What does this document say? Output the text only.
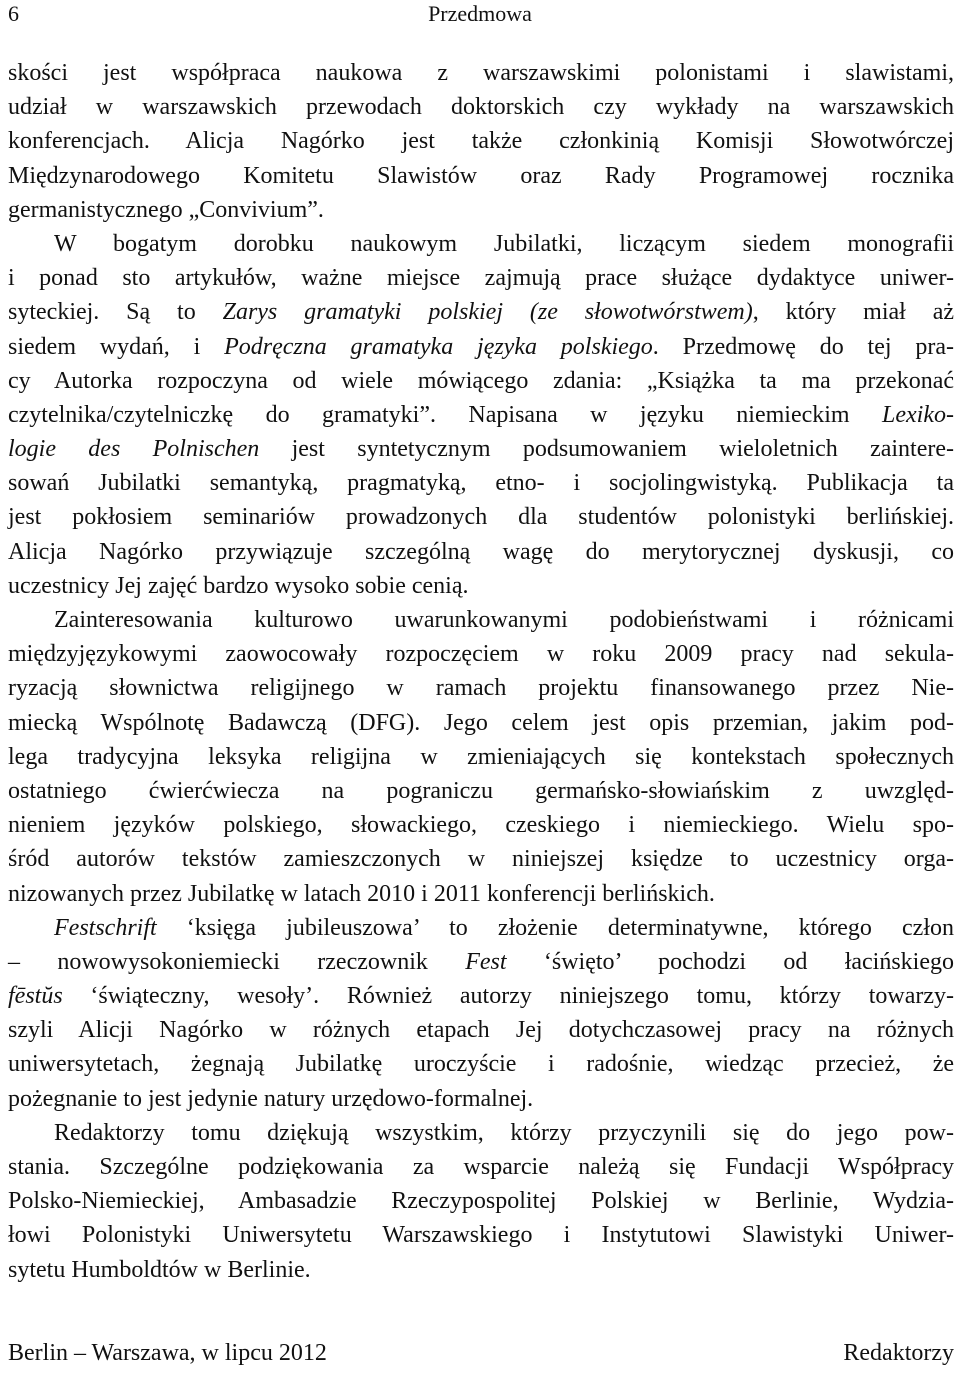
6	Przedmowa
skości jest współpraca naukowa z warszawskimi polonistami i slawistami,
udział w warszawskich przewodach doktorskich czy wykłady na warszawskich
konferencjach. Alicja Nagórko jest także członkinią Komisji Słowotwórczej
Międzynarodowego Komitetu Slawistów oraz Rady Programowej rocznika
germanistycznego „Convivium”.
W bogatym dorobku naukowym Jubilatki, liczącym siedem monografii
i ponad sto artykułów, ważne miejsce zajmują prace służące dydaktyce uniwer-
syteckiej. Są to Zarys gramatyki polskiej (ze słowotwórstwem), który miał aż
siedem wydań, i Podręczna gramatyka języka polskiego. Przedmowę do tej pra-
cy Autorka rozpoczyna od wiele mówiącego zdania: „Książka ta ma przekonać
czytelnika/czytelniczkę do gramatyki”. Napisana w języku niemieckim Lexiko-
logie des Polnischen jest syntetycznym podsumowaniem wieloletnich zaintere-
sowań Jubilatki semantyką, pragmatyką, etno- i socjolingwistyką. Publikacja ta
jest pokłosiem seminariów prowadzonych dla studentów polonistyki berlińskiej.
Alicja Nagórko przywiązuje szczególną wagę do merytorycznej dyskusji, co
uczestnicy Jej zajęć bardzo wysoko sobie cenią.
Zainteresowania kulturowo uwarunkowanymi podobieństwami i różnicami
międzyjęzykowymi zaowocowały rozpoczęciem w roku 2009 pracy nad sekula-
ryzacją słownictwa religijnego w ramach projektu finansowanego przez Nie-
miecką Wspólnotę Badawczą (DFG). Jego celem jest opis przemian, jakim pod-
lega tradycyjna leksyka religijna w zmieniających się kontekstach społecznych
ostatniego ćwierćwiecza na pograniczu germańsko-słowiańskim z uwzględ-
nieniem języków polskiego, słowackiego, czeskiego i niemieckiego. Wielu spo-
śród autorów tekstów zamieszczonych w niniejszej księdze to uczestnicy orga-
nizowanych przez Jubilatkę w latach 2010 i 2011 konferencji berlińskich.
Festschrift ‘księga jubileuszowa’ to złożenie determinatywne, którego człon
– nowowysokoniemiecki rzeczownik Fest ‘święto’ pochodzi od łacińskiego
fēstŭs ‘świąteczny, wesoły’. Również autorzy niniejszego tomu, którzy towarzy-
szyli Alicji Nagórko w różnych etapach Jej dotychczasowej pracy na różnych
uniwersytetach, żegnają Jubilatkę uroczyście i radośnie, wiedząc przecież, że
pożegnanie to jest jedynie natury urzędowo-formalnej.
Redaktorzy tomu dziękują wszystkim, którzy przyczynili się do jego pow-
stania. Szczególne podziękowania za wsparcie należą się Fundacji Współpracy
Polsko-Niemieckiej, Ambasadzie Rzeczypospolitej Polskiej w Berlinie, Wydzia-
łowi Polonistyki Uniwersytetu Warszawskiego i Instytutowi Slawistyki Uniwer-
sytetu Humboldtów w Berlinie.
Berlin – Warszawa, w lipcu 2012	Redaktorzy
